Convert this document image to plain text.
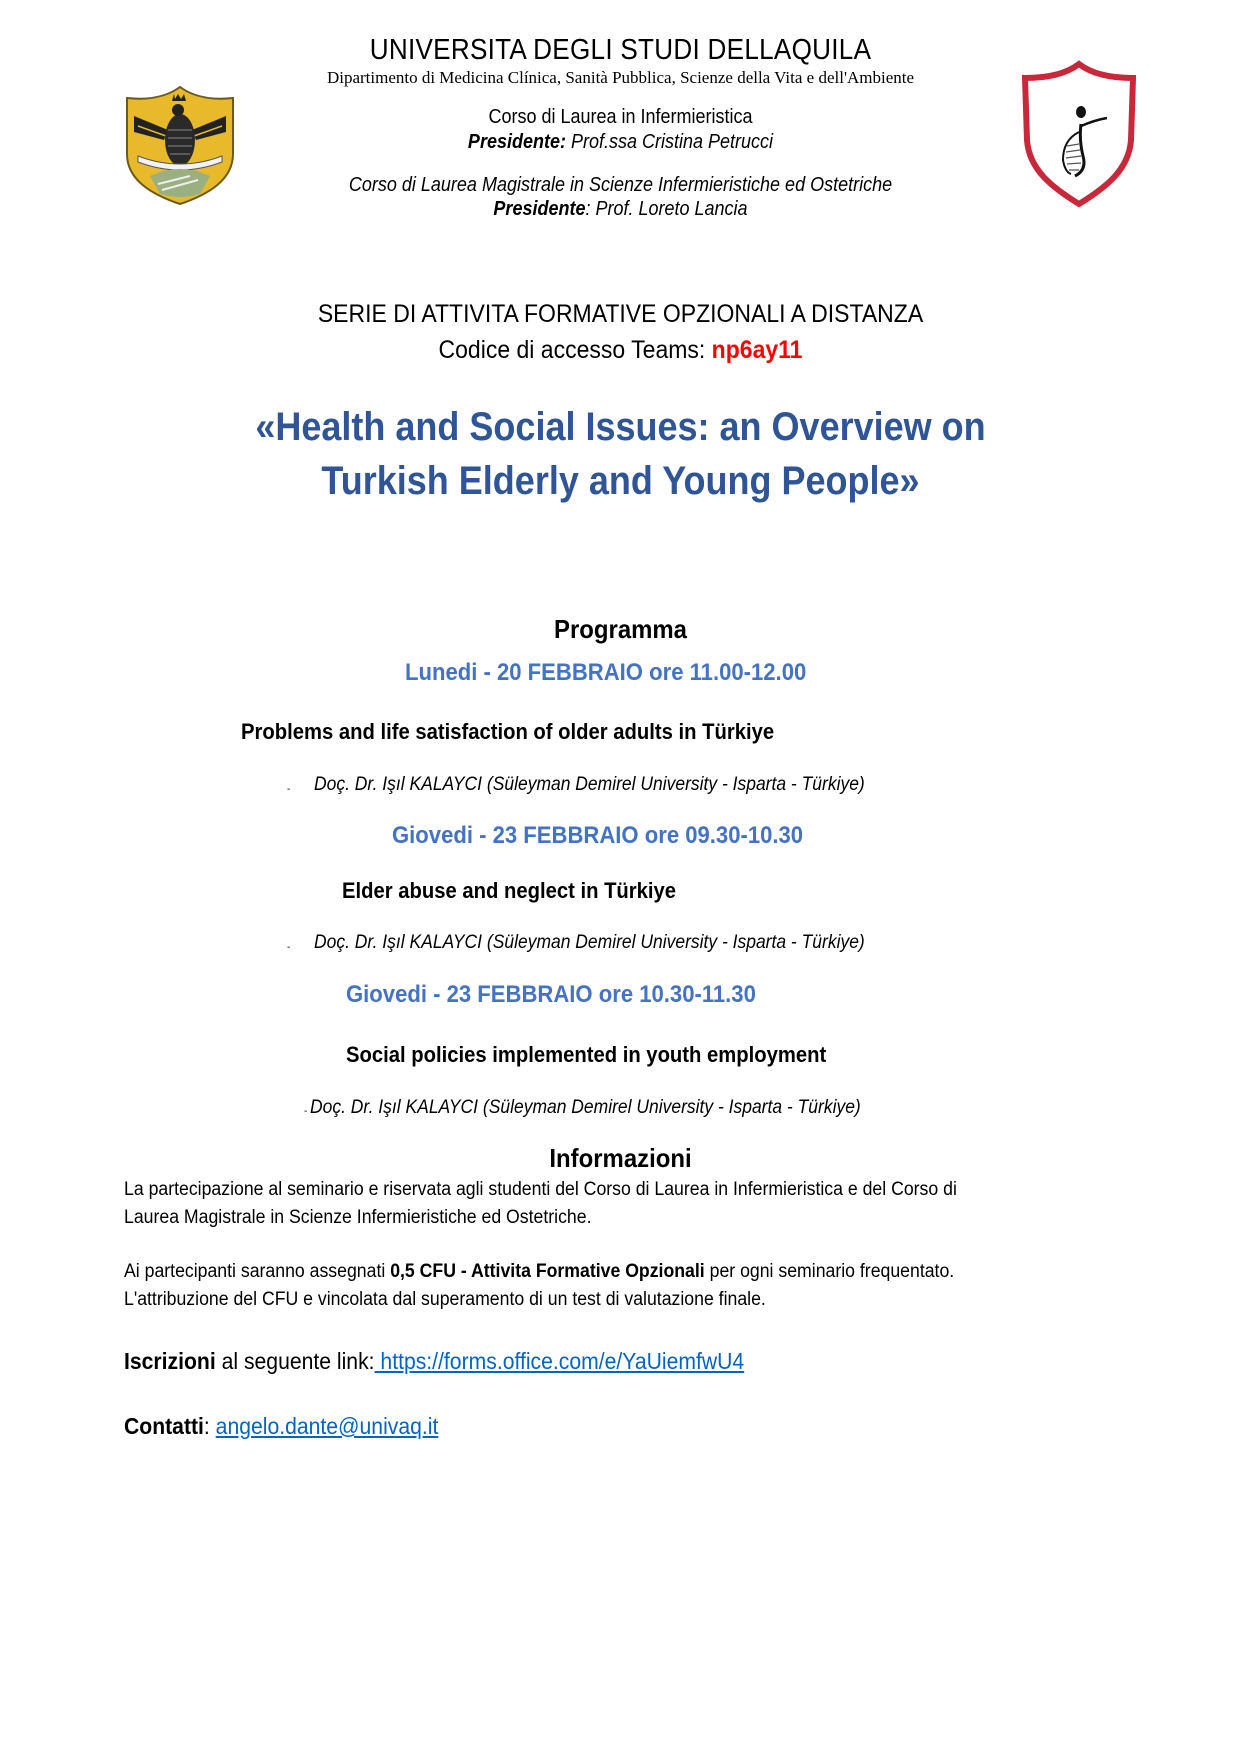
UNIVERSITA DEGLI STUDI DELLAQUILA
Dipartimento di Medicina Clínica, Sanità Pubblica, Scienze della Vita e dell'Ambiente
Corso di Laurea in Infermieristica
Presidente: Prof.ssa Cristina Petrucci
Corso di Laurea Magistrale in Scienze Infermieristiche ed Ostetriche
Presidente: Prof. Loreto Lancia
SERIE DI ATTIVITA FORMATIVE OPZIONALI A DISTANZA
Codice di accesso Teams: np6ay11
«Health and Social Issues: an Overview on
Turkish Elderly and Young People»
Programma
Lunedi - 20 FEBBRAIO ore 11.00-12.00
Problems and life satisfaction of older adults in Türkiye
- Doç. Dr. Işıl KALAYCI (Süleyman Demirel University - Isparta - Türkiye)
Giovedi - 23 FEBBRAIO ore 09.30-10.30
Elder abuse and neglect in Türkiye
- Doç. Dr. Işıl KALAYCI (Süleyman Demirel University - Isparta - Türkiye)
Giovedi - 23 FEBBRAIO ore 10.30-11.30
Social policies implemented in youth employment
- Doç. Dr. Işıl KALAYCI (Süleyman Demirel University - Isparta - Türkiye)
Informazioni
La partecipazione al seminario e riservata agli studenti del Corso di Laurea in Infermieristica e del Corso di
Laurea Magistrale in Scienze Infermieristiche ed Ostetriche.
Ai partecipanti saranno assegnati 0,5 CFU - Attivita Formative Opzionali per ogni seminario frequentato.
L'attribuzione del CFU e vincolata dal superamento di un test di valutazione finale.
Iscrizioni al seguente link: https://forms.office.com/e/YaUiemfwU4
Contatti: angelo.dante@univaq.it
